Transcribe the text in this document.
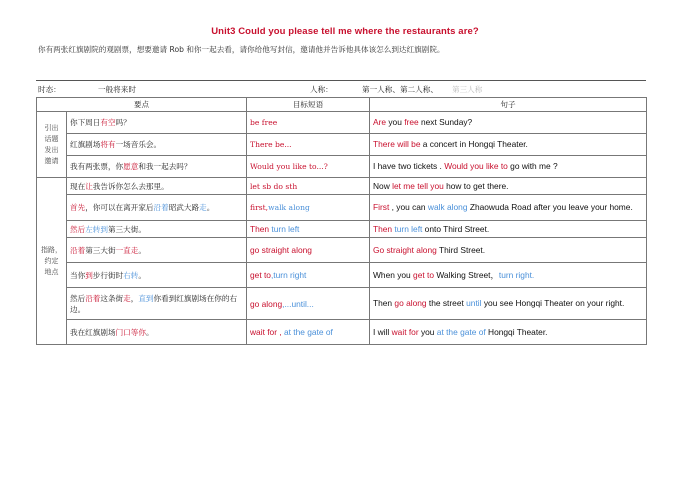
Unit3 Could you please tell me where the restaurants are?
你有两张红旗剧院的观剧票，想要邀请 Rob 和你一起去看，请你给他写封信，邀请他并告诉他具体该怎么到达红旗剧院。
时态：	一般将来时	人称：	第一人称、第二人称、 第三人称
要点		目标短语	句子

引出
话题
发出
邀请	你下周日有空吗？	be free	Are you free next Sunday?
	红旗剧场将有一场音乐会。	There be...	There will be a concert in Hongqi Theater.
	我有两张票，你愿意和我一起去吗？	Would you like to...?	I have two tickets . Would you like to go with me ?

指路，
约定
地点	现在让我告诉你怎么去那里。	let sb do sth	Now let me tell you how to get there.
	首先，你可以在离开家后沿着昭武大路走。	first,walk along	First , you can walk along Zhaowuda Road after you leave your home.
	然后左转到第三大街。	Then turn left	Then turn left onto Third Street.
	沿着第三大街一直走。	go straight along	Go straight along Third Street.
	当你到步行街时右转。	get to,turn right	When you get to Walking Street，turn right.
	然后沿着这条街走，直到你看到红旗剧场在你的右边。	go along,...until...	Then go along the street until you see Hongqi Theater on your right.
	我在红旗剧场门口等你。	wait for , at the gate of	I will wait for you at the gate of Hongqi Theater.
